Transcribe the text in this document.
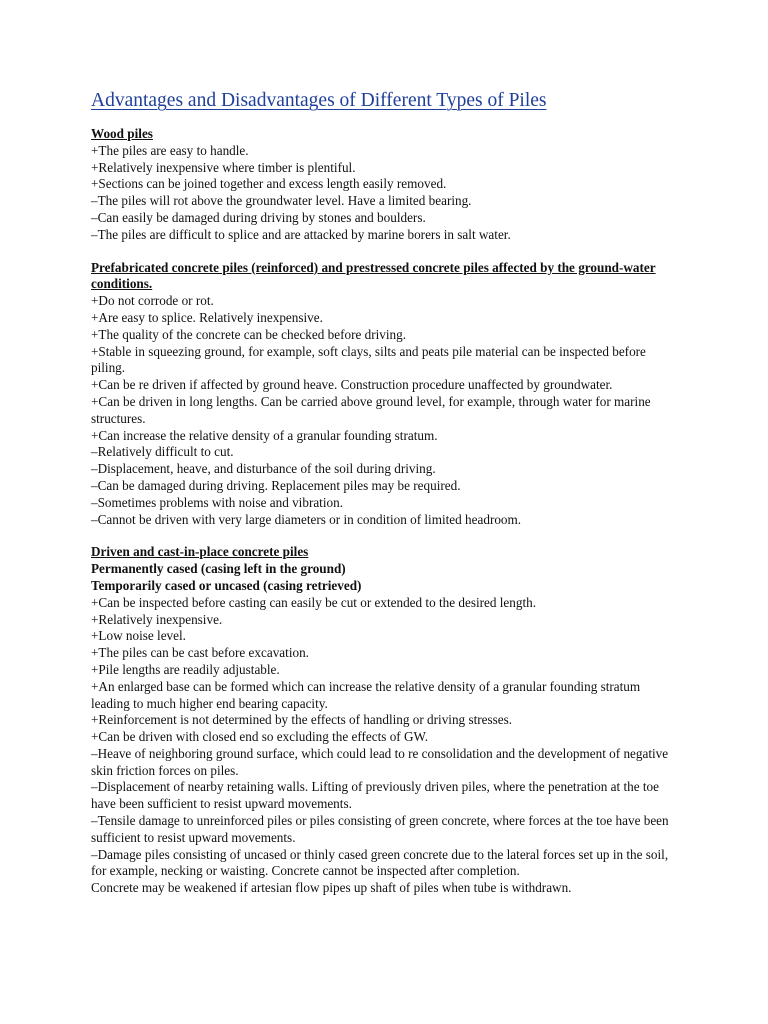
Advantages and Disadvantages of Different Types of Piles

Wood piles

+The piles are easy to handle.

+Relatively inexpensive where timber is plentiful.

+Sections can be joined together and excess length easily removed.

–The piles will rot above the groundwater level. Have a limited bearing.

–Can easily be damaged during driving by stones and boulders.

–The piles are difficult to splice and are attacked by marine borers in salt water.

Prefabricated concrete piles (reinforced) and prestressed concrete piles affected by the ground-water conditions.

+Do not corrode or rot.

+Are easy to splice. Relatively inexpensive.

+The quality of the concrete can be checked before driving.

+Stable in squeezing ground, for example, soft clays, silts and peats pile material can be inspected before piling.

+Can be re driven if affected by ground heave. Construction procedure unaffected by groundwater.

+Can be driven in long lengths. Can be carried above ground level, for example, through water for marine structures.

+Can increase the relative density of a granular founding stratum.

–Relatively difficult to cut.

–Displacement, heave, and disturbance of the soil during driving.

–Can be damaged during driving. Replacement piles may be required.

–Sometimes problems with noise and vibration.

–Cannot be driven with very large diameters or in condition of limited headroom.

Driven and cast-in-place concrete piles

Permanently cased (casing left in the ground)

Temporarily cased or uncased (casing retrieved)

+Can be inspected before casting can easily be cut or extended to the desired length.

+Relatively inexpensive.

+Low noise level.

+The piles can be cast before excavation.

+Pile lengths are readily adjustable.

+An enlarged base can be formed which can increase the relative density of a granular founding stratum leading to much higher end bearing capacity.

+Reinforcement is not determined by the effects of handling or driving stresses.

+Can be driven with closed end so excluding the effects of GW.

–Heave of neighboring ground surface, which could lead to re consolidation and the development of negative skin friction forces on piles.

–Displacement of nearby retaining walls. Lifting of previously driven piles, where the penetration at the toe have been sufficient to resist upward movements.

–Tensile damage to unreinforced piles or piles consisting of green concrete, where forces at the toe have been sufficient to resist upward movements.

–Damage piles consisting of uncased or thinly cased green concrete due to the lateral forces set up in the soil, for example, necking or waisting. Concrete cannot be inspected after completion.

Concrete may be weakened if artesian flow pipes up shaft of piles when tube is withdrawn.
